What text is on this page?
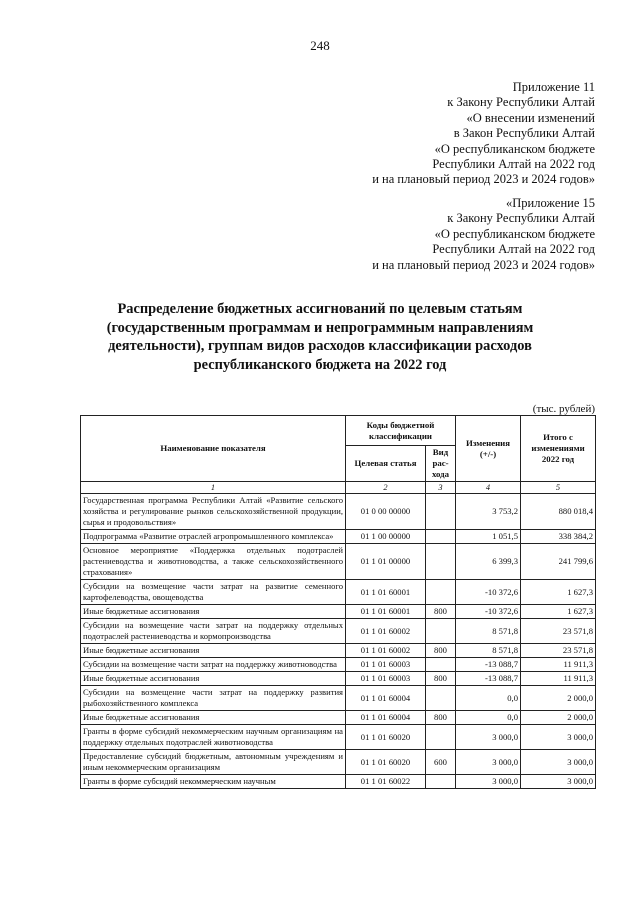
248
Приложение 11
к Закону Республики Алтай
«О внесении изменений
в Закон Республики Алтай
«О республиканском бюджете
Республики Алтай на 2022 год
и на плановый период 2023 и 2024 годов»
«Приложение 15
к Закону Республики Алтай
«О республиканском бюджете
Республики Алтай на 2022 год
и на плановый период 2023 и 2024 годов»
Распределение бюджетных ассигнований по целевым статьям (государственным программам и непрограммным направлениям деятельности), группам видов расходов классификации расходов республиканского бюджета на 2022 год
(тыс. рублей)
Наименование показателя	Коды бюджетной классификации		Изменения (+/-)	Итого с изменениями 2022 год
	Целевая статья	Вид рас-хода		
1	2	3	4	5
Государственная программа Республики Алтай «Развитие сельского хозяйства и регулирование рынков сельскохозяйственной продукции, сырья и продовольствия»	01 0 00 00000		3 753,2	880 018,4
Подпрограмма «Развитие отраслей агропромышленного комплекса»	01 1 00 00000		1 051,5	338 384,2
Основное мероприятие «Поддержка отдельных подотраслей растениеводства и животноводства, а также сельскохозяйственного страхования»	01 1 01 00000		6 399,3	241 799,6
Субсидии на возмещение части затрат на развитие семенного картофелеводства, овощеводства	01 1 01 60001		-10 372,6	1 627,3
Иные бюджетные ассигнования	01 1 01 60001	800	-10 372,6	1 627,3
Субсидии на возмещение части затрат на поддержку отдельных подотраслей растениеводства и кормопроизводства	01 1 01 60002		8 571,8	23 571,8
Иные бюджетные ассигнования	01 1 01 60002	800	8 571,8	23 571,8
Субсидии на возмещение части затрат на поддержку животноводства	01 1 01 60003		-13 088,7	11 911,3
Иные бюджетные ассигнования	01 1 01 60003	800	-13 088,7	11 911,3
Субсидии на возмещение части затрат на поддержку развития рыбохозяйственного комплекса	01 1 01 60004		0,0	2 000,0
Иные бюджетные ассигнования	01 1 01 60004	800	0,0	2 000,0
Гранты в форме субсидий некоммерческим научным организациям на поддержку отдельных подотраслей животноводства	01 1 01 60020		3 000,0	3 000,0
Предоставление субсидий бюджетным, автономным учреждениям и иным некоммерческим организациям	01 1 01 60020	600	3 000,0	3 000,0
Гранты в форме субсидий некоммерческим научным	01 1 01 60022		3 000,0	3 000,0
